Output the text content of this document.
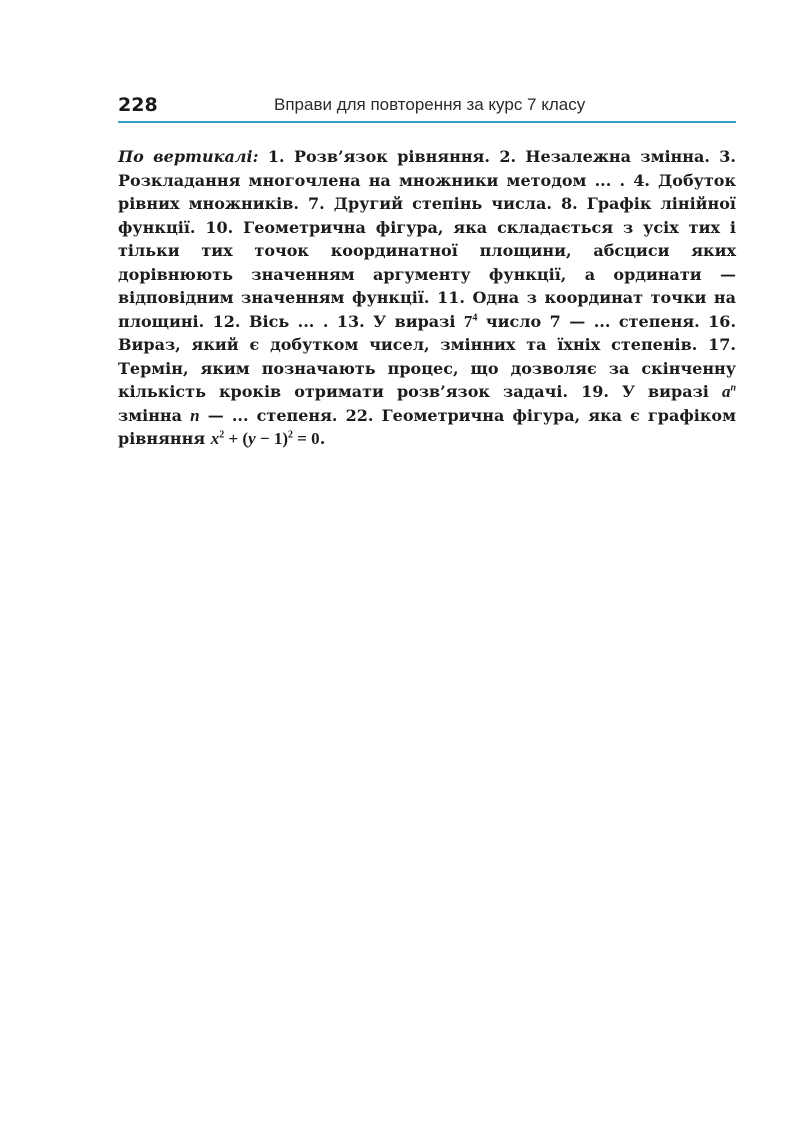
228	Вправи для повторення за курс 7 класу
По вертикалі: 1. Розв’язок рівняння. 2. Незалежна змінна. 3. Розкладання многочлена на множники методом ... . 4. Добуток рівних множників. 7. Другий степінь числа. 8. Графік лінійної функції. 10. Геометрична фігура, яка складається з усіх тих і тільки тих точок координатної площини, абсциси яких дорівнюють значенням аргументу функції, а ординати — відповідним значенням функції. 11. Одна з координат точки на площині. 12. Вісь ... . 13. У виразі $7^4$ число 7 — ... степеня. 16. Вираз, який є добутком чисел, змінних та їхніх степенів. 17. Термін, яким позначають процес, що дозволяє за скінченну кількість кроків отримати розв’язок задачі. 19. У виразі $a^n$ змінна n — ... степеня. 22. Геометрична фігура, яка є графіком рівняння $x^2 + (y - 1)^2 = 0$.
